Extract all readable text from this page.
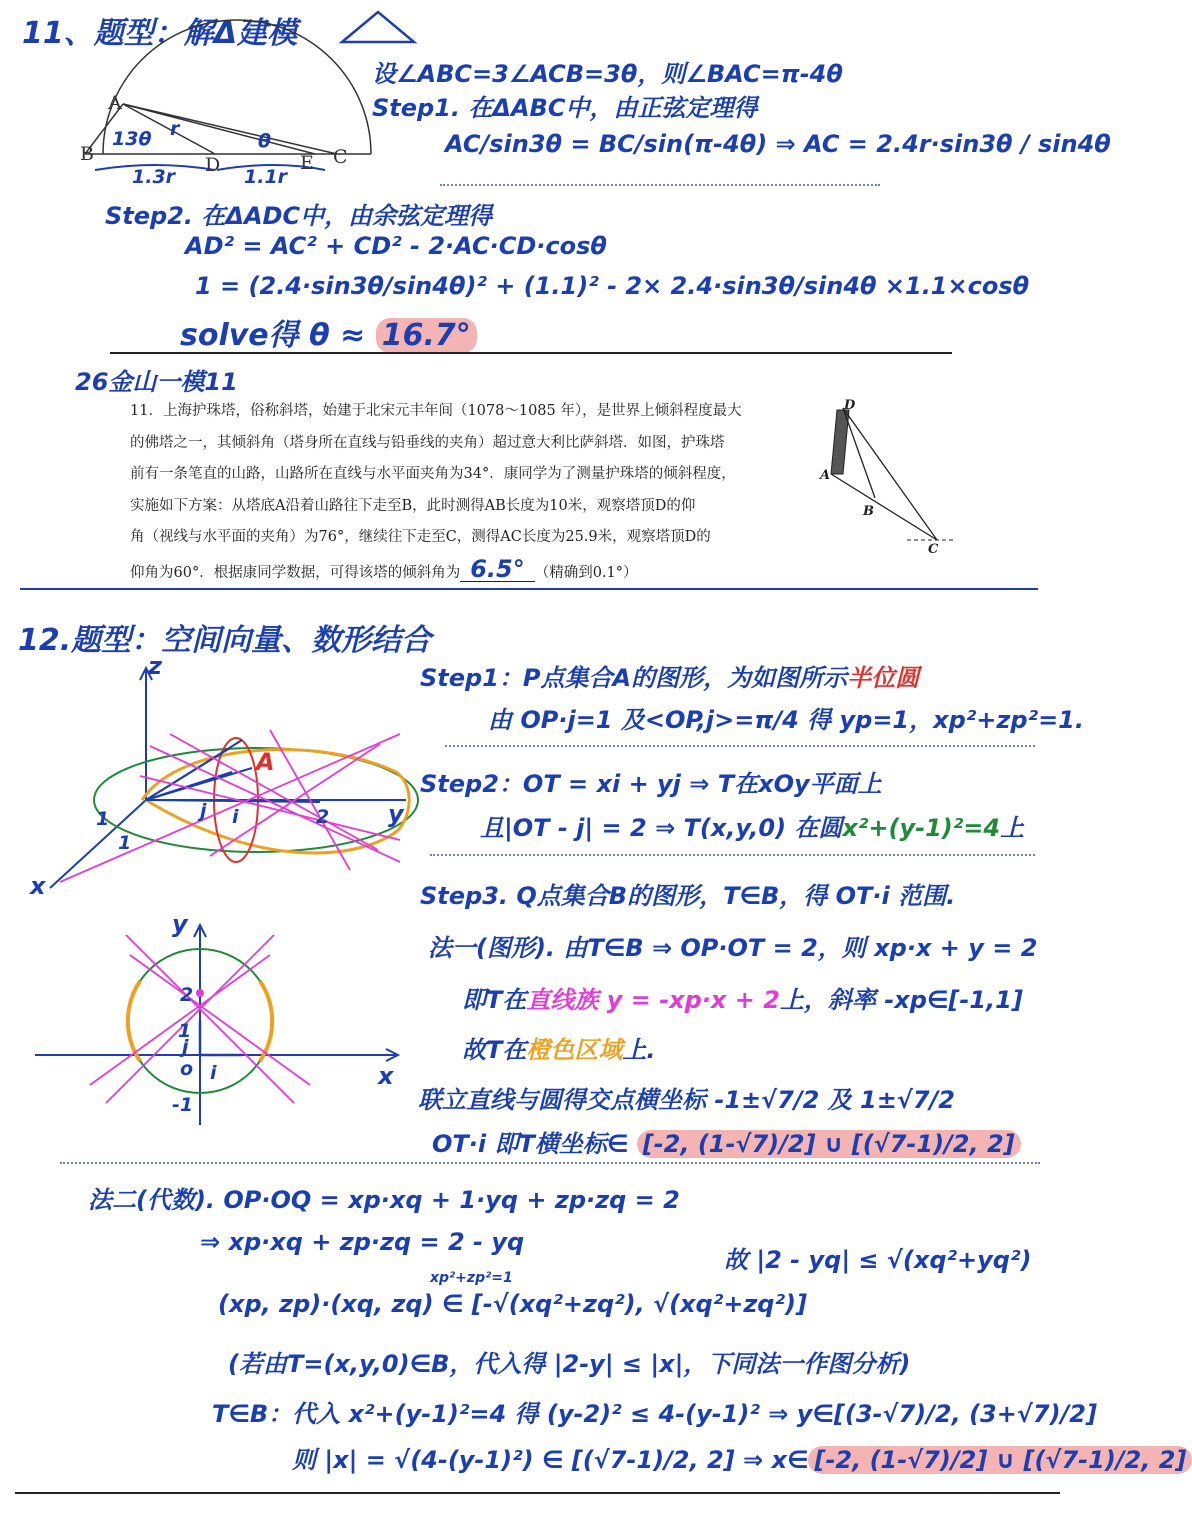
11、题型：解Δ建模
A
B	C
D	E
r
13θ	θ
1.3r	1.1r
设∠ABC=3∠ACB=3θ，则∠BAC=π-4θ
Step1. 在ΔABC中，由正弦定理得
AC/sin3θ = BC/sin(π-4θ) ⇒ AC = 2.4r·sin3θ / sin4θ
Step2. 在ΔADC中，由余弦定理得
AD² = AC² + CD² - 2·AC·CD·cosθ
1 = (2.4·sin3θ/sin4θ)² + (1.1)² - 2× 2.4·sin3θ/sin4θ ×1.1×cosθ
solve得 θ ≈ 16.7°
26金山一模11

11．上海护珠塔，俗称斜塔，始建于北宋元丰年间（1078～1085 年），是世界上倾斜程度最大

的佛塔之一，其倾斜角（塔身所在直线与铅垂线的夹角）超过意大利比萨斜塔．如图，护珠塔

前有一条笔直的山路，山路所在直线与水平面夹角为34°．康同学为了测量护珠塔的倾斜程度，

实施如下方案：从塔底A沿着山路往下走至B，此时测得AB长度为10米，观察塔顶D的仰

角（视线与水平面的夹角）为76°，继续往下走至C，测得AC长度为25.9米，观察塔顶D的

仰角为60°．根据康同学数据，可得该塔的倾斜角为 6.5° （精确到0.1°）

D
A
B
C
12.题型：空间向量、数形结合
z
x
y
A
1
1
2
j i
y
x
o
2
1
-1
j
i
Step1：P点集合A的图形，为如图所示半位圆
由 OP·j=1 及<OP,j>=π/4 得 yp=1，xp²+zp²=1.
Step2：OT = xi + yj ⇒ T在xOy平面上
且|OT - j| = 2 ⇒ T(x,y,0) 在圆x²+(y-1)²=4上
Step3. Q点集合B的图形，T∈B，得 OT·i 范围.
法一(图形). 由T∈B ⇒ OP·OT = 2，则 xp·x + y = 2
即T在直线族 y = -xp·x + 2上，斜率 -xp∈[-1,1]
故T在橙色区域上.
联立直线与圆得交点横坐标 -1±√7/2 及 1±√7/2
OT·i 即T横坐标∈ [-2, (1-√7)/2] ∪ [(√7-1)/2, 2]
法二(代数). OP·OQ = xp·xq + 1·yq + zp·zq = 2
⇒ xp·xq + zp·zq = 2 - yq
xp²+zp²=1
(xp, zp)·(xq, zq) ∈ [-√(xq²+zq²), √(xq²+zq²)]
故 |2 - yq| ≤ √(xq²+yq²)
(若由T=(x,y,0)∈B，代入得 |2-y| ≤ |x|，下同法一作图分析)
T∈B：代入 x²+(y-1)²=4 得 (y-2)² ≤ 4-(y-1)² ⇒ y∈[(3-√7)/2, (3+√7)/2]
则 |x| = √(4-(y-1)²) ∈ [(√7-1)/2, 2] ⇒ x∈ [-2, (1-√7)/2] ∪ [(√7-1)/2, 2]
